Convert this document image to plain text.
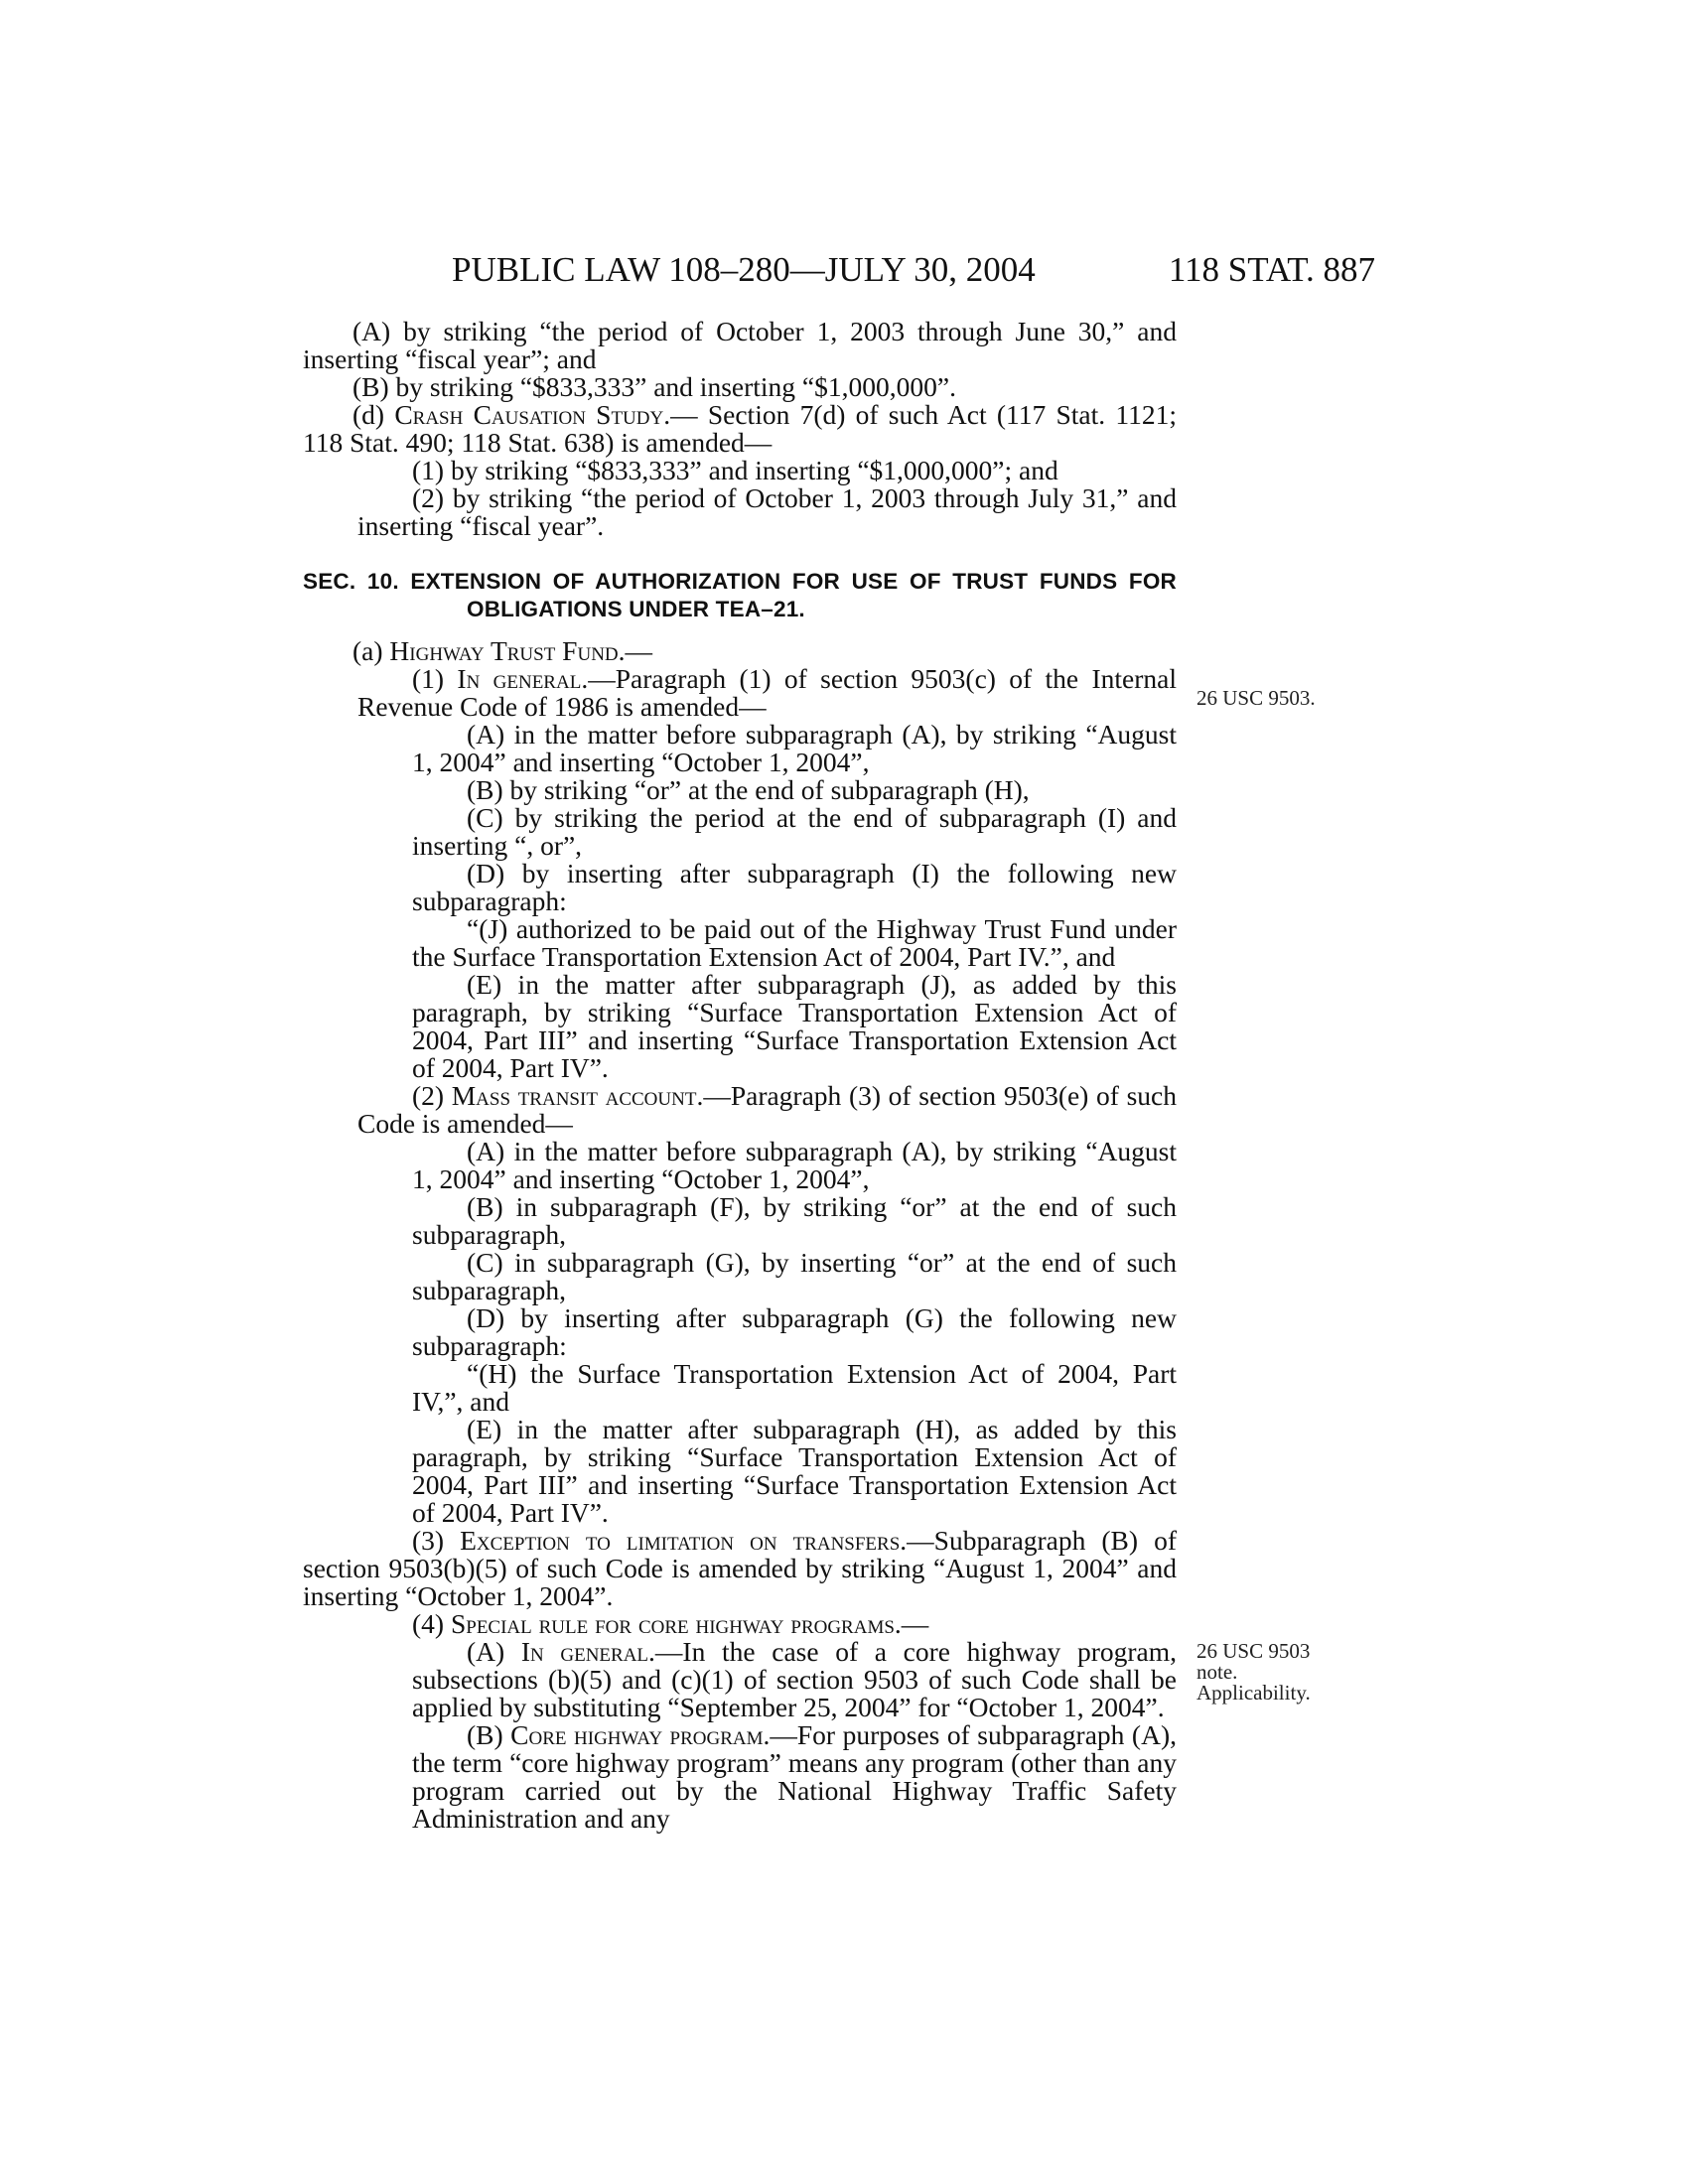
PUBLIC LAW 108–280—JULY 30, 2004	118 STAT. 887

(A) by striking “the period of October 1, 2003 through June 30,” and inserting “fiscal year”; and

(B) by striking “$833,333” and inserting “$1,000,000”.

(d) Crash Causation Study.— Section 7(d) of such Act (117 Stat. 1121; 118 Stat. 490; 118 Stat. 638) is amended—

(1) by striking “$833,333” and inserting “$1,000,000”; and

(2) by striking “the period of October 1, 2003 through July 31,” and inserting “fiscal year”.

SEC. 10. EXTENSION OF AUTHORIZATION FOR USE OF TRUST FUNDS FOR OBLIGATIONS UNDER TEA–21.

(a) Highway Trust Fund.—

(1) In general.—Paragraph (1) of section 9503(c) of the Internal Revenue Code of 1986 is amended—

(A) in the matter before subparagraph (A), by striking “August 1, 2004” and inserting “October 1, 2004”,

(B) by striking “or” at the end of subparagraph (H),

(C) by striking the period at the end of subparagraph (I) and inserting “, or”,

(D) by inserting after subparagraph (I) the following new subparagraph:

“(J) authorized to be paid out of the Highway Trust Fund under the Surface Transportation Extension Act of 2004, Part IV.”, and

(E) in the matter after subparagraph (J), as added by this paragraph, by striking “Surface Transportation Extension Act of 2004, Part III” and inserting “Surface Transportation Extension Act of 2004, Part IV”.

(2) Mass transit account.—Paragraph (3) of section 9503(e) of such Code is amended—

(A) in the matter before subparagraph (A), by striking “August 1, 2004” and inserting “October 1, 2004”,

(B) in subparagraph (F), by striking “or” at the end of such subparagraph,

(C) in subparagraph (G), by inserting “or” at the end of such subparagraph,

(D) by inserting after subparagraph (G) the following new subparagraph:

“(H) the Surface Transportation Extension Act of 2004, Part IV,”, and

(E) in the matter after subparagraph (H), as added by this paragraph, by striking “Surface Transportation Extension Act of 2004, Part III” and inserting “Surface Transportation Extension Act of 2004, Part IV”.

(3) Exception to limitation on transfers.—Subparagraph (B) of section 9503(b)(5) of such Code is amended by striking “August 1, 2004” and inserting “October 1, 2004”.

(4) Special rule for core highway programs.—

(A) In general.—In the case of a core highway program, subsections (b)(5) and (c)(1) of section 9503 of such Code shall be applied by substituting “September 25, 2004” for “October 1, 2004”.

(B) Core highway program.—For purposes of subparagraph (A), the term “core highway program” means any program (other than any program carried out by the National Highway Traffic Safety Administration and any

26 USC 9503.
26 USC 9503
note.
Applicability.
